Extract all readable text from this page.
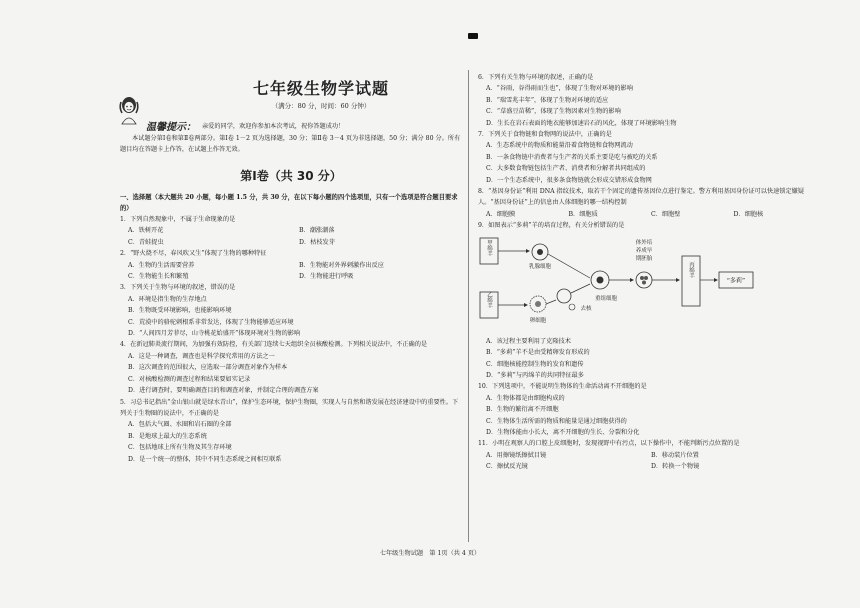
七年级生物学试题
（满分：80 分，时间：60 分钟）
温馨提示： 亲爱的同学，欢迎你参加本次考试，祝你答题成功！
本试题分第Ⅰ卷和第Ⅱ卷两部分。第Ⅰ卷 1－2 页为选择题，30 分；第Ⅱ卷 3－4 页为非选择题，50 分；满分 80 分。所有题目均在答题卡上作答，在试题上作答无效。
第Ⅰ卷（共 30 分）
一、选择题（本大题共 20 小题，每小题 1.5 分，共 30 分，在以下每小题的四个选项里，只有一个选项是符合题目要求的）
1．下列自然现象中，不属于生命现象的是
A．铁树开花	B．潮涨潮落
C．青蛙捉虫	D．枯枝发芽
2．“野火烧不尽，春风吹又生”体现了生物的哪种特征
A．生物的生活需要营养	B．生物能对外界刺激作出反应
C．生物能生长和繁殖	D．生物能进行呼吸
3．下列关于生物与环境的叙述，错误的是
A．环境是指生物的生存地点
B．生物既受环境影响，也能影响环境
C．荒漠中的骆驼刺根系非常发达，体现了生物能够适应环境
D．“人间四月芳菲尽，山寺桃花始盛开”体现环境对生物的影响
4．在新冠肺炎流行期间，为加强有效防控，有关部门连续七天组织全员核酸检测。下列相关说法中，不正确的是
A．这是一种调查，调查也是科学探究常用的方法之一
B．这次调查的范围很大，应选取一部分调查对象作为样本
C．对核酸检测的调查过程和结果要如实记录
D．进行调查时，要明确调查目的和调查对象，并制定合理的调查方案
5．习总书记指出“金山银山就是绿水青山”，保护生态环境，保护生物圈，实现人与自然和谐发展在经济建设中的重要性。下列关于生物圈的说法中，不正确的是
A．包括大气圈、水圈和岩石圈的全部
B．是地球上最大的生态系统
C．包括地球上所有生物及其生存环境
D．是一个统一的整体，其中不同生态系统之间相互联系
6．下列有关生物与环境的叙述，正确的是
A．“谷雨，谷得雨而生也”，体现了生物对环境的影响
B．“瑞雪兆丰年”，体现了生物对环境的适应
C．“草盛豆苗稀”，体现了生物因素对生物的影响
D．生长在岩石表面的地衣能够加速岩石的风化，体现了环境影响生物
7．下列关于食物链和食物网的说法中，正确的是
A．生态系统中的物质和能量沿着食物链和食物网流动
B．一条食物链中消费者与生产者的关系主要是吃与被吃的关系
C．大多数食物链包括生产者、消费者和分解者共同组成的
D．一个生态系统中，很多条食物链就会形成交错形成食物网
8．“基因身份证”利用 DNA 指纹技术，取若干个固定的遗传基因位点进行鉴定。警方利用基因身份证可以快速锁定嫌疑人。“基因身份证”上的信息由人体细胞的哪一结构控制
A．细胞膜	B．细胞质	C．细胞壁	D．细胞核
9．如图表示“多莉”羊的培育过程，有关分析错误的是
甲绵羊
乙绵羊
乳腺细胞
卵细胞
去核
重组细胞
体外培
养成早
期胚胎
丙绵羊
“多莉”
A．该过程主要利用了克隆技术
B．“多莉”羊不是由受精卵发育形成的
C．细胞核能控制生物的发育和遗传
D．“多莉”与丙绵羊的共同特征最多
10．下列选项中，不能说明生物体的生命活动离不开细胞的是
A．生物体都是由细胞构成的
B．生物的繁衍离不开细胞
C．生物体生活所需的物质和能量是通过细胞获得的
D．生物体能由小长大，离不开细胞的生长、分裂和分化
11．小明在观察人的口腔上皮细胞时，发现视野中有污点，以下操作中，不能判断污点位置的是
A．用擦镜纸擦拭目镜	B．移动装片位置
C．擦拭反光镜	D．转换一个物镜
七年级生物试题　第 1页（共 4 页）
